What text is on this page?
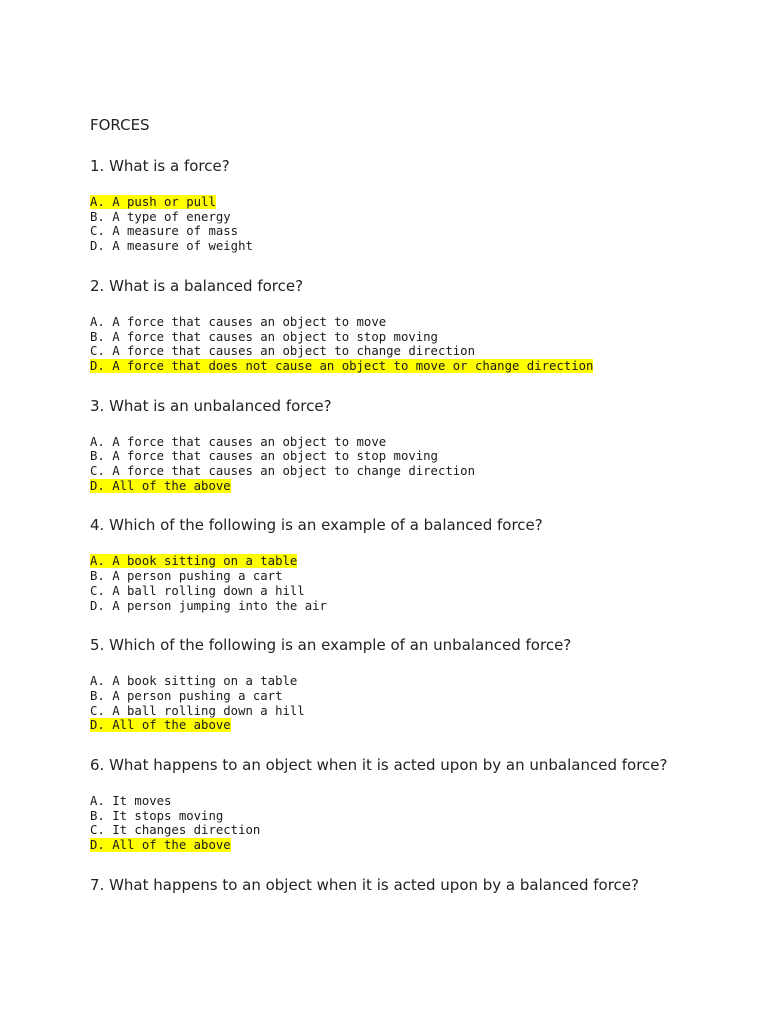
FORCES
1. What is a force?
A. A push or pull
B. A type of energy
C. A measure of mass
D. A measure of weight
2. What is a balanced force?
A. A force that causes an object to move
B. A force that causes an object to stop moving
C. A force that causes an object to change direction
D. A force that does not cause an object to move or change direction
3. What is an unbalanced force?
A. A force that causes an object to move
B. A force that causes an object to stop moving
C. A force that causes an object to change direction
D. All of the above
4. Which of the following is an example of a balanced force?
A. A book sitting on a table
B. A person pushing a cart
C. A ball rolling down a hill
D. A person jumping into the air
5. Which of the following is an example of an unbalanced force?
A. A book sitting on a table
B. A person pushing a cart
C. A ball rolling down a hill
D. All of the above
6. What happens to an object when it is acted upon by an unbalanced force?
A. It moves
B. It stops moving
C. It changes direction
D. All of the above
7. What happens to an object when it is acted upon by a balanced force?
